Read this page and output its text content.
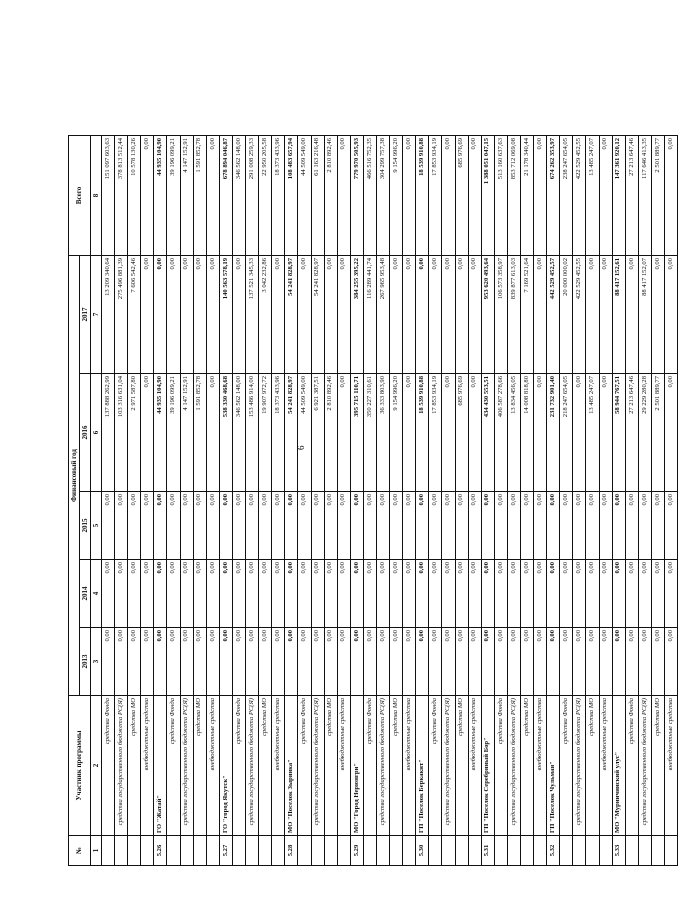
6
№	Участник программы	Финансовый год					Всего
		2013	2014	2015	2016	2017	
1	2	3	4	5	6	7	8
	средства Фонда	0,00	0,00	0,00	137 888 262,99	13 209 340,64	151 097 603,63
	средства государственного бюджета РС(Я)	0,00	0,00	0,00	103 316 631,04	275 496 881,39	378 813 512,44
	средства МО	0,00	0,00	0,00	2 971 587,80	7 606 542,46	10 578 130,26
	внебюджетные средства	0,00	0,00	0,00	0,00	0,00	0,00
5.26	ГО "Жатай"	0,00	0,00	0,00	44 935 104,90	0,00	44 935 104,90
	средства Фонда	0,00	0,00	0,00	39 196 099,21	0,00	39 196 099,21
	средства государственного бюджета РС(Я)	0,00	0,00	0,00	4 147 152,91	0,00	4 147 152,91
	средства МО	0,00	0,00	0,00	1 591 852,78	0,00	1 591 852,78
	внебюджетные средства	0,00	0,00	0,00	0,00	0,00	0,00
5.27	ГО "город Якутск"	0,00	0,00	0,00	538 330 468,68	140 563 578,19	678 894 046,87
	средства Фонда	0,00	0,00	0,00	346 562 148,00	0,00	346 562 148,00
	средства государственного бюджета РС(Я)	0,00	0,00	0,00	153 486 914,00	137 521 345,33	291 008 259,33
	средства МО	0,00	0,00	0,00	19 907 972,72	3 042 232,86	22 950 205,58
	внебюджетные средства	0,00	0,00	0,00	18 373 433,96	0,00	18 373 433,96
5.28	МО "Поселок Зырянка"	0,00	0,00	0,00	54 241 828,97	54 241 828,97	108 483 657,94
	средства Фонда	0,00	0,00	0,00	44 509 549,00	0,00	44 509 549,00
	средства государственного бюджета РС(Я)	0,00	0,00	0,00	6 921 387,51	54 241 828,97	61 163 216,48
	средства МО	0,00	0,00	0,00	2 810 892,46	0,00	2 810 892,46
	внебюджетные средства	0,00	0,00	0,00	0,00	0,00	0,00
5.29	МО "Город Нерюнгри"	0,00	0,00	0,00	395 715 110,71	384 255 395,22	779 970 505,93
	средства Фонда	0,00	0,00	0,00	350 227 310,61	116 289 441,74	466 516 752,35
	средства государственного бюджета РС(Я)	0,00	0,00	0,00	36 333 803,90	267 965 953,48	304 299 757,38
	средства МО	0,00	0,00	0,00	9 154 996,20	0,00	9 154 996,20
	внебюджетные средства	0,00	0,00	0,00	0,00	0,00	0,00
5.30	ГП "Поселок Беркакит"	0,00	0,00	0,00	18 539 910,88	0,00	18 539 910,88
	средства Фонда	0,00	0,00	0,00	17 853 934,19	0,00	17 853 934,19
	средства государственного бюджета РС(Я)	0,00	0,00	0,00	0,00	0,00	0,00
	средства МО	0,00	0,00	0,00	685 976,69	0,00	685 976,69
	внебюджетные средства	0,00	0,00	0,00	0,00	0,00	0,00
5.31	ГП "Поселок Серебряный Бор"	0,00	0,00	0,00	434 430 553,51	953 620 493,64	1 388 051 047,15
	средства Фонда	0,00	0,00	0,00	406 587 278,66	106 573 358,97	513 160 637,63
	средства государственного бюджета РС(Я)	0,00	0,00	0,00	13 834 456,05	839 877 613,03	853 712 069,08
	средства МО	0,00	0,00	0,00	14 008 818,80	7 169 521,64	21 178 340,44
	внебюджетные средства	0,00	0,00	0,00	0,00	0,00	0,00
5.32	ГП "Поселок Чульман"	0,00	0,00	0,00	231 732 901,40	442 529 452,57	674 262 353,97
	средства Фонда	0,00	0,00	0,00	218 247 654,05	20 000 000,02	238 247 654,05
	средства государственного бюджета РС(Я)	0,00	0,00	0,00	0,00	422 529 452,55	422 529 452,55
	средства МО	0,00	0,00	0,00	13 485 247,07	0,00	13 485 247,07
	внебюджетные средства	0,00	0,00	0,00	0,00	0,00	0,00
5.33	МО "Мурничинский улус"	0,00	0,00	0,00	58 944 767,51	88 417 152,61	147 361 920,12
	средства Фонда	0,00	0,00	0,00	27 213 647,46	0,00	27 213 647,46
	средства государственного бюджета РС(Я)	0,00	0,00	0,00	29 229 280,28	88 417 152,07	117 646 413,35
	средства МО	0,00	0,00	0,00	2 501 889,77	0,00	2 501 889,77
	внебюджетные средства	0,00	0,00	0,00	0,00	0,00	0,00
